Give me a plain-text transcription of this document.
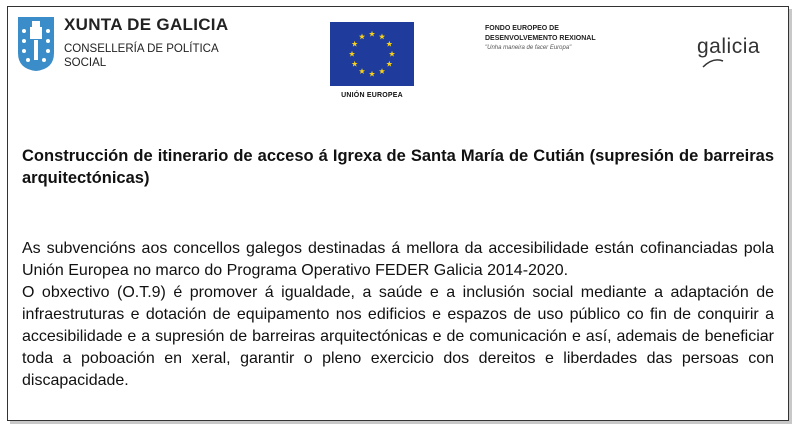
XUNTA DE GALICIA
CONSELLERÍA DE POLÍTICA SOCIAL
UNIÓN EUROPEA
FONDO EUROPEO DE
DESENVOLVEMENTO REXIONAL
"Unha maneira de facer Europa"	galicia
Construcción de itinerario de acceso á Igrexa de Santa María de Cutián (supresión de barreiras arquitectónicas)

As subvencións aos concellos galegos destinadas á mellora da accesibilidade están cofinanciadas pola Unión Europea no marco do Programa Operativo FEDER Galicia 2014-2020.

O obxectivo (O.T.9) é promover á igualdade, a saúde e a inclusión social mediante a adaptación de infraestruturas e dotación de equipamento nos edificios e espazos de uso público co fin de conquirir a accesibilidade e a supresión de barreiras arquitectónicas e de comunicación e así, ademais de beneficiar toda a poboación en xeral, garantir o pleno exercicio dos dereitos e liberdades das persoas con discapacidade.
